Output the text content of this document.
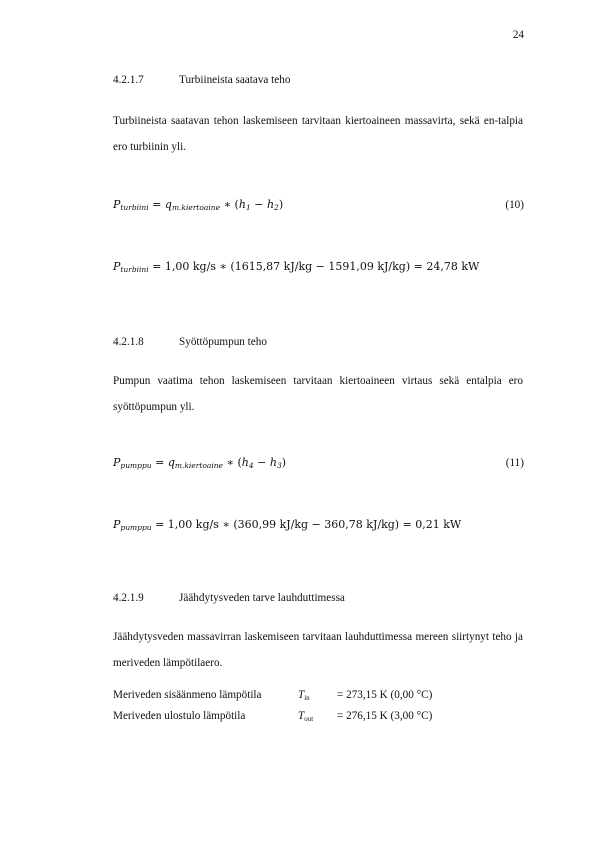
24
4.2.1.7	Turbiineista saatava teho
Turbiineista saatavan tehon laskemiseen tarvitaan kiertoaineen massavirta, sekä en-talpia ero turbiinin yli.
$P_{turbiini} = q_{m.kiertoaine}$ ∗ $(h_1 - h_2)$	(10)
$P_{turbiini} = 1,00$ kg/s ∗ (1615,87 kJ/kg − 1591,09 kJ/kg) = 24,78 kW
4.2.1.8	Syöttöpumpun teho
Pumpun vaatima tehon laskemiseen tarvitaan kiertoaineen virtaus sekä entalpia ero syöttöpumpun yli.
$P_{pumppu} = q_{m.kiertoaine}$ ∗ $(h_4 - h_3)$	(11)
$P_{pumppu} = 1,00$ kg/s ∗ (360,99 kJ/kg − 360,78 kJ/kg) = 0,21 kW
4.2.1.9	Jäähdytysveden tarve lauhduttimessa
Jäähdytysveden massavirran laskemiseen tarvitaan lauhduttimessa mereen siirtynyt teho ja meriveden lämpötilaero.
Meriveden sisäänmeno lämpötila	$T_{in} = 273,15$ K (0,00 °C)
Meriveden ulostulo lämpötila	$T_{out} = 276,15$ K (3,00 °C)
